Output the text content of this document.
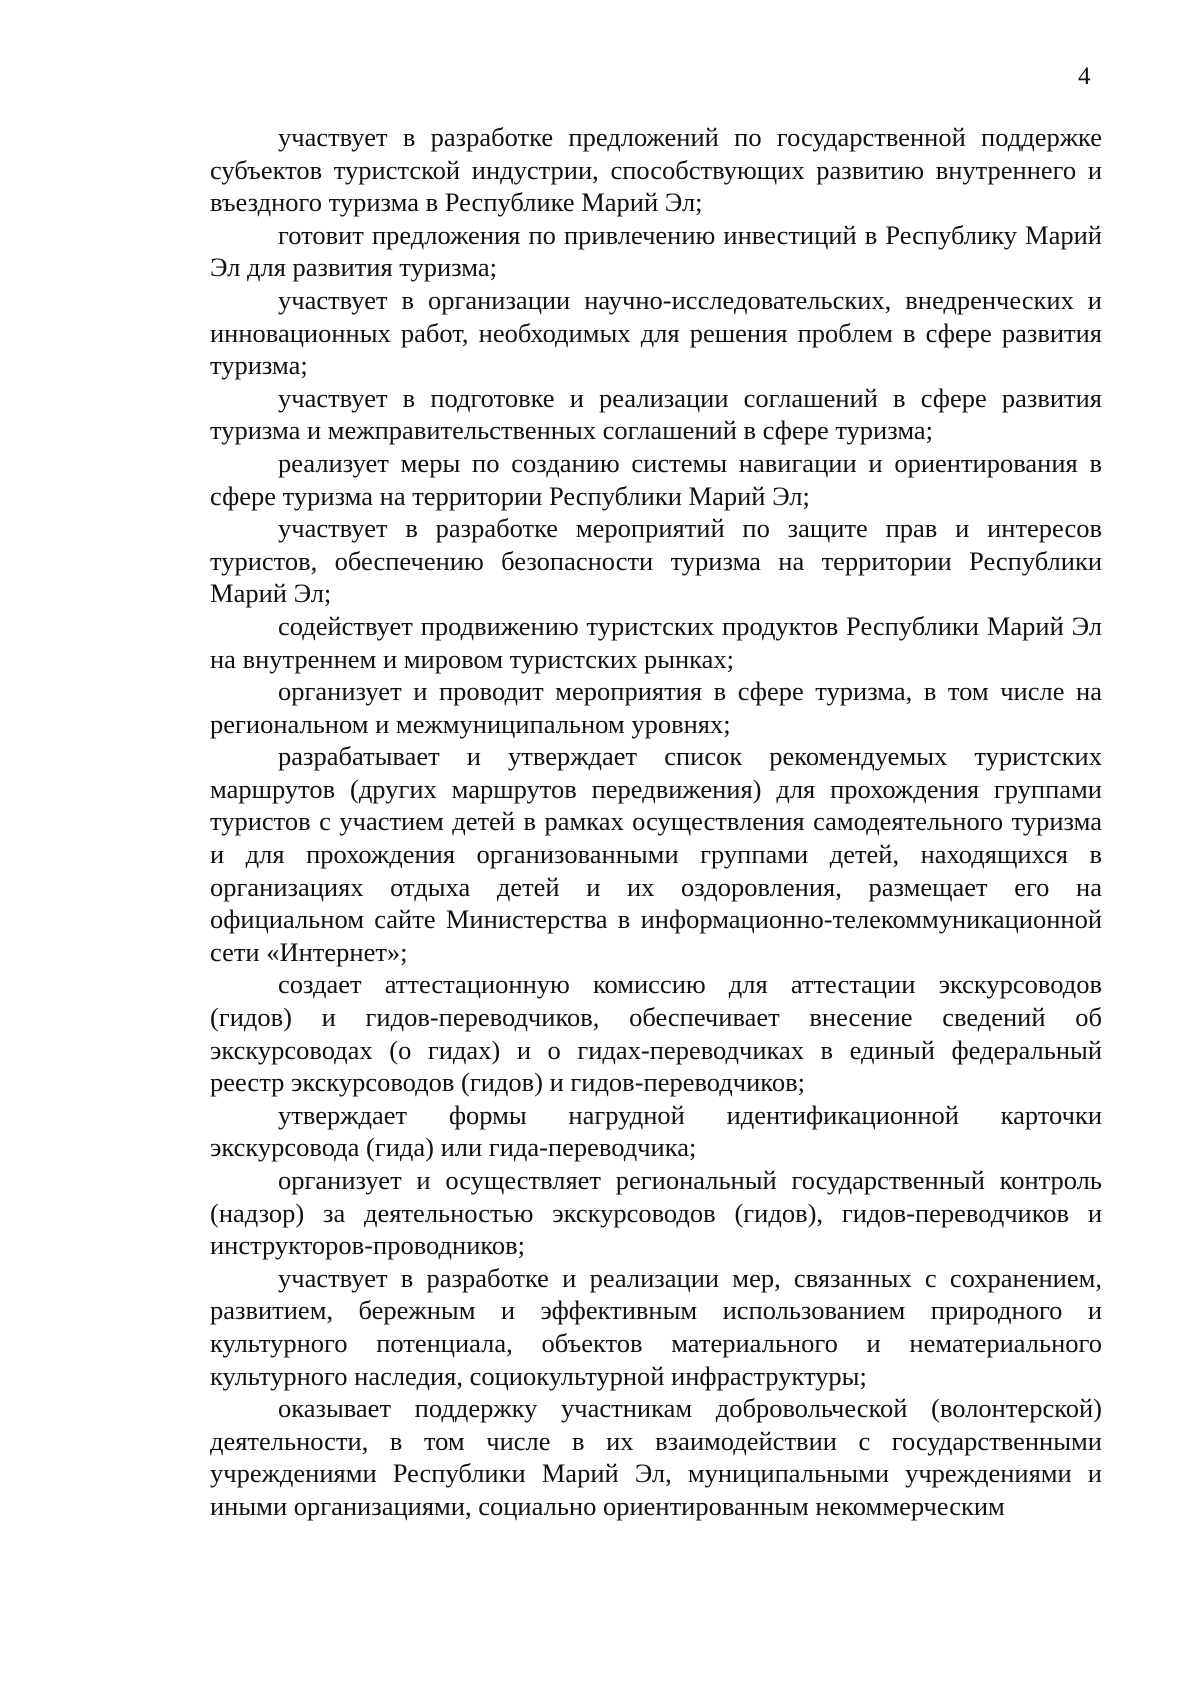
4

участвует в разработке предложений по государственной поддержке субъектов туристской индустрии, способствующих развитию внутреннего и въездного туризма в Республике Марий Эл;

готовит предложения по привлечению инвестиций в Республику Марий Эл для развития туризма;

участвует в организации научно-исследовательских, внедренческих и инновационных работ, необходимых для решения проблем в сфере развития туризма;

участвует в подготовке и реализации соглашений в сфере развития туризма и межправительственных соглашений в сфере туризма;

реализует меры по созданию системы навигации и ориентирования в сфере туризма на территории Республики Марий Эл;

участвует в разработке мероприятий по защите прав и интересов туристов, обеспечению безопасности туризма на территории Республики Марий Эл;

содействует продвижению туристских продуктов Республики Марий Эл на внутреннем и мировом туристских рынках;

организует и проводит мероприятия в сфере туризма, в том числе на региональном и межмуниципальном уровнях;

разрабатывает и утверждает список рекомендуемых туристских маршрутов (других маршрутов передвижения) для прохождения группами туристов с участием детей в рамках осуществления самодеятельного туризма и для прохождения организованными группами детей, находящихся в организациях отдыха детей и их оздоровления, размещает его на официальном сайте Министерства в информационно-телекоммуникационной сети «Интернет»;

создает аттестационную комиссию для аттестации экскурсоводов (гидов) и гидов-переводчиков, обеспечивает внесение сведений об экскурсоводах (о гидах) и о гидах-переводчиках в единый федеральный реестр экскурсоводов (гидов) и гидов-переводчиков;

утверждает формы нагрудной идентификационной карточки экскурсовода (гида) или гида-переводчика;

организует и осуществляет региональный государственный контроль (надзор) за деятельностью экскурсоводов (гидов), гидов-переводчиков и инструкторов-проводников;

участвует в разработке и реализации мер, связанных с сохранением, развитием, бережным и эффективным использованием природного и культурного потенциала, объектов материального и нематериального культурного наследия, социокультурной инфраструктуры;

оказывает поддержку участникам добровольческой (волонтерской) деятельности, в том числе в их взаимодействии с государственными учреждениями Республики Марий Эл, муниципальными учреждениями и иными организациями, социально ориентированным некоммерческим
